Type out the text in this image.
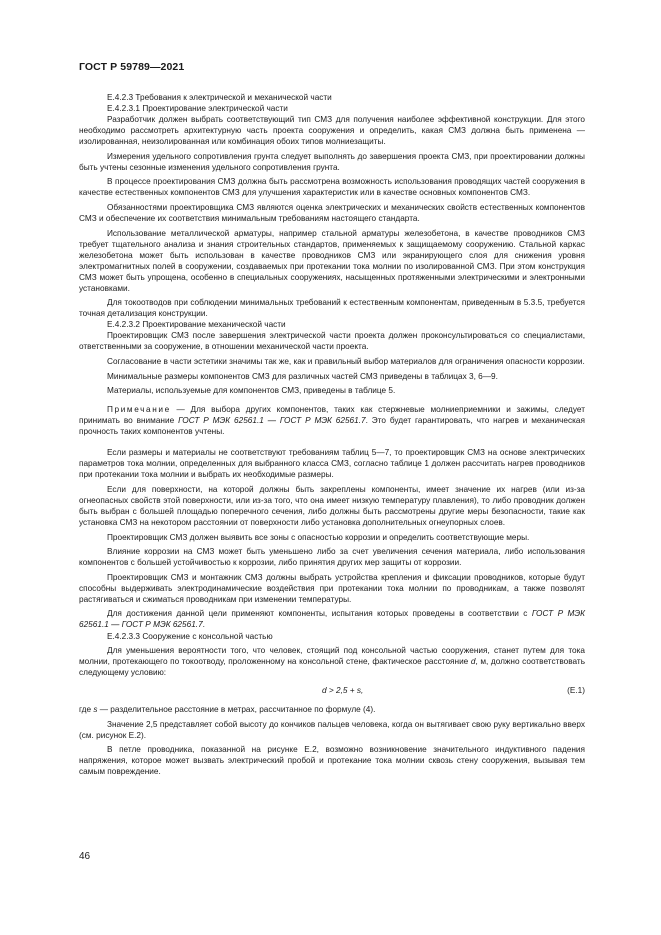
ГОСТ Р 59789—2021

Е.4.2.3 Требования к электрической и механической части

Е.4.2.3.1 Проектирование электрической части

Разработчик должен выбрать соответствующий тип СМЗ для получения наиболее эффективной конструкции. Для этого необходимо рассмотреть архитектурную часть проекта сооружения и определить, какая СМЗ должна быть применена — изолированная, неизолированная или комбинация обоих типов молниезащиты.

Измерения удельного сопротивления грунта следует выполнять до завершения проекта СМЗ, при проектировании должны быть учтены сезонные изменения удельного сопротивления грунта.

В процессе проектирования СМЗ должна быть рассмотрена возможность использования проводящих частей сооружения в качестве естественных компонентов СМЗ для улучшения характеристик или в качестве основных компонентов СМЗ.

Обязанностями проектировщика СМЗ являются оценка электрических и механических свойств естественных компонентов СМЗ и обеспечение их соответствия минимальным требованиям настоящего стандарта.

Использование металлической арматуры, например стальной арматуры железобетона, в качестве проводников СМЗ требует тщательного анализа и знания строительных стандартов, применяемых к защищаемому сооружению. Стальной каркас железобетона может быть использован в качестве проводников СМЗ или экранирующего слоя для снижения уровня электромагнитных полей в сооружении, создаваемых при протекании тока молнии по изолированной СМЗ. При этом конструкция СМЗ может быть упрощена, особенно в специальных сооружениях, насыщенных протяженными электрическими и электронными установками.

Для токоотводов при соблюдении минимальных требований к естественным компонентам, приведенным в 5.3.5, требуется точная детализация конструкции.

Е.4.2.3.2 Проектирование механической части

Проектировщик СМЗ после завершения электрической части проекта должен проконсультироваться со специалистами, ответственными за сооружение, в отношении механической части проекта.

Согласование в части эстетики значимы так же, как и правильный выбор материалов для ограничения опасности коррозии.

Минимальные размеры компонентов СМЗ для различных частей СМЗ приведены в таблицах 3, 6—9.

Материалы, используемые для компонентов СМЗ, приведены в таблице 5.

Примечание — Для выбора других компонентов, таких как стержневые молниеприемники и зажимы, следует принимать во внимание ГОСТ Р МЭК 62561.1 — ГОСТ Р МЭК 62561.7. Это будет гарантировать, что нагрев и механическая прочность таких компонентов учтены.

Если размеры и материалы не соответствуют требованиям таблиц 5—7, то проектировщик СМЗ на основе электрических параметров тока молнии, определенных для выбранного класса СМЗ, согласно таблице 1 должен рассчитать нагрев проводников при протекании тока молнии и выбрать их необходимые размеры.

Если для поверхности, на которой должны быть закреплены компоненты, имеет значение их нагрев (или из-за огнеопасных свойств этой поверхности, или из-за того, что она имеет низкую температуру плавления), то либо проводник должен быть выбран с большей площадью поперечного сечения, либо должны быть рассмотрены другие меры безопасности, такие как установка СМЗ на некотором расстоянии от поверхности либо установка дополнительных огнеупорных слоев.

Проектировщик СМЗ должен выявить все зоны с опасностью коррозии и определить соответствующие меры.

Влияние коррозии на СМЗ может быть уменьшено либо за счет увеличения сечения материала, либо использования компонентов с большей устойчивостью к коррозии, либо принятия других мер защиты от коррозии.

Проектировщик СМЗ и монтажник СМЗ должны выбрать устройства крепления и фиксации проводников, которые будут способны выдерживать электродинамические воздействия при протекании тока молнии по проводникам, а также позволят растягиваться и сжиматься проводникам при изменении температуры.

Для достижения данной цели применяют компоненты, испытания которых проведены в соответствии с ГОСТ Р МЭК 62561.1 — ГОСТ Р МЭК 62561.7.

Е.4.2.3.3 Сооружение с консольной частью

Для уменьшения вероятности того, что человек, стоящий под консольной частью сооружения, станет путем для тока молнии, протекающего по токоотводу, проложенному на консольной стене, фактическое расстояние d, м, должно соответствовать следующему условию:

d > 2,5 + s,	(Е.1)

где s — разделительное расстояние в метрах, рассчитанное по формуле (4).

Значение 2,5 представляет собой высоту до кончиков пальцев человека, когда он вытягивает свою руку вертикально вверх (см. рисунок Е.2).

В петле проводника, показанной на рисунке Е.2, возможно возникновение значительного индуктивного падения напряжения, которое может вызвать электрический пробой и протекание тока молнии сквозь стену сооружения, вызывая тем самым повреждение.

46
